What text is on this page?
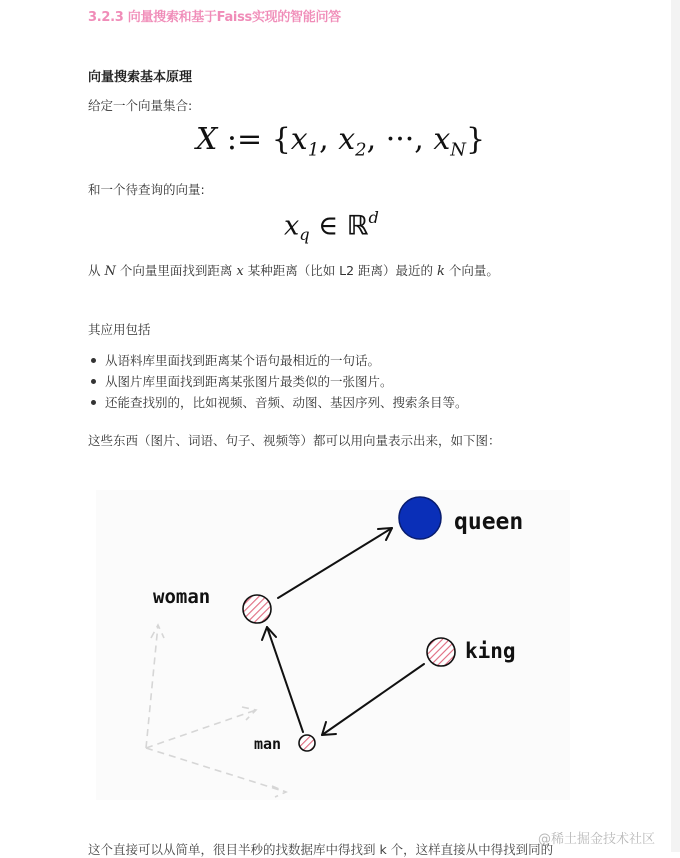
3.2.3 向量搜索和基于Faiss实现的智能问答
向量搜索基本原理
给定一个向量集合:
X := {$x_1$, $x_2$, ···, $x_N$}
和一个待查询的向量:
$x_q$ ∈ ℝ$^d$
从 N 个向量里面找到距离 x 某种距离（比如 L2 距离）最近的 k 个向量。
其应用包括
从语料库里面找到距离某个语句最相近的一句话。
从图片库里面找到距离某张图片最类似的一张图片。
还能查找别的，比如视频、音频、动图、基因序列、搜索条目等。
这些东西（图片、词语、句子、视频等）都可以用向量表示出来，如下图：
queen
woman
king
man
这个直接可以从简单，很目半秒的找数据库中得找到 k 个，这样直接从中得找到同的
@稀土掘金技术社区
